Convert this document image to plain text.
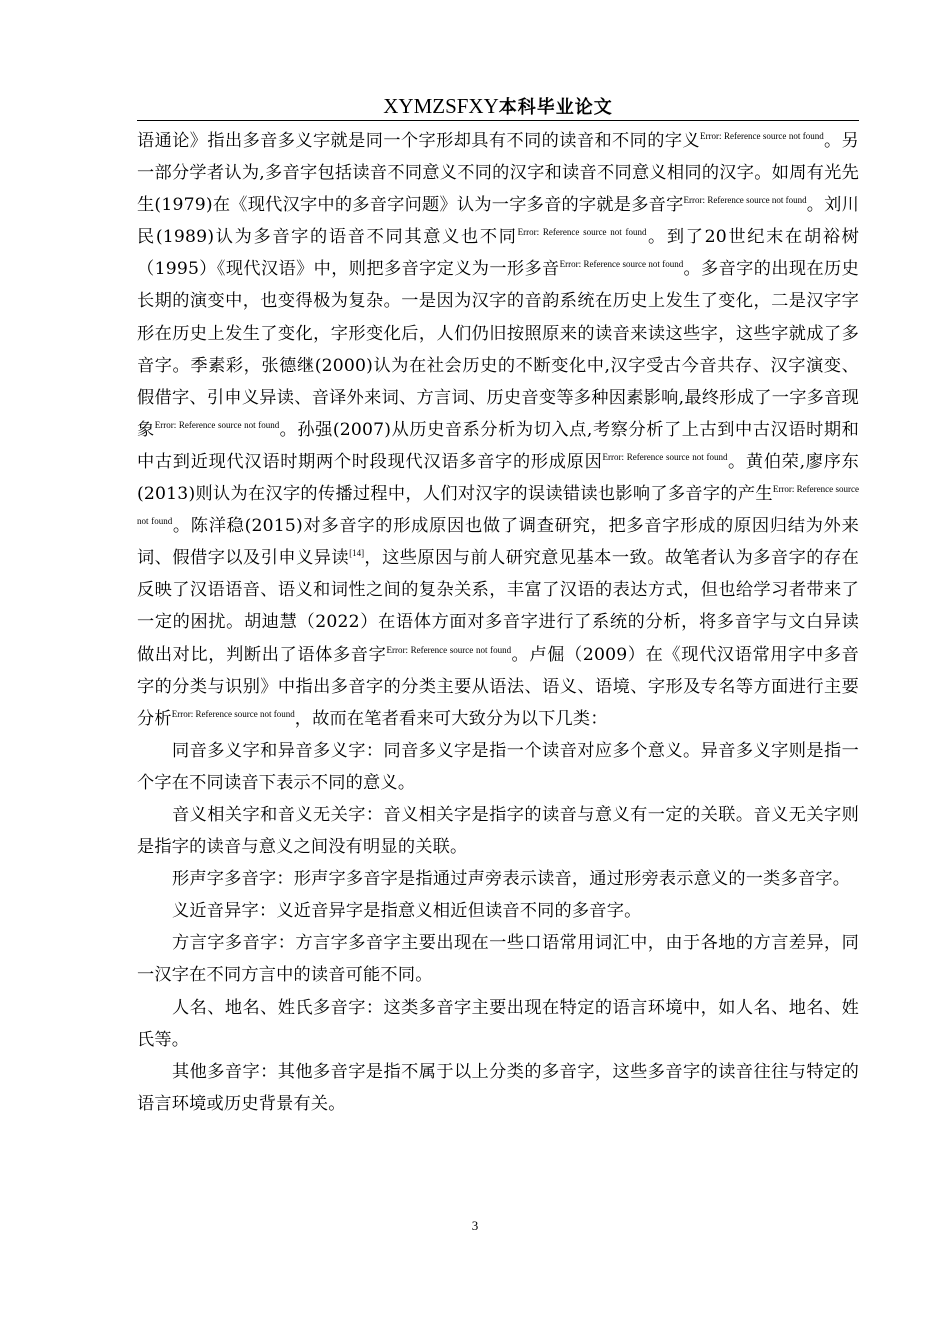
XYMZSFXY本科毕业论文

语通论》指出多音多义字就是同一个字形却具有不同的读音和不同的字义$^{Error: Reference source not found}$。另一部分学者认为,多音字包括读音不同意义不同的汉字和读音不同意义相同的汉字。如周有光先生(1979)在《现代汉字中的多音字问题》认为一字多音的字就是多音字$^{Error: Reference source not found}$。刘川民(1989)认为多音字的语音不同其意义也不同$^{Error: Reference source not found}$。到了20世纪末在胡裕树（1995）《现代汉语》中，则把多音字定义为一形多音$^{Error: Reference source not found}$。多音字的出现在历史长期的演变中，也变得极为复杂。一是因为汉字的音韵系统在历史上发生了变化，二是汉字字形在历史上发生了变化，字形变化后，人们仍旧按照原来的读音来读这些字，这些字就成了多音字。季素彩，张德继(2000)认为在社会历史的不断变化中,汉字受古今音共存、汉字演变、假借字、引申义异读、音译外来词、方言词、历史音变等多种因素影响,最终形成了一字多音现象$^{Error: Reference source not found}$。孙强(2007)从历史音系分析为切入点,考察分析了上古到中古汉语时期和中古到近现代汉语时期两个时段现代汉语多音字的形成原因$^{Error: Reference source not found}$。黄伯荣,廖序东(2013)则认为在汉字的传播过程中，人们对汉字的误读错读也影响了多音字的产生$^{Error: Reference source not found}$。陈洋稳(2015)对多音字的形成原因也做了调查研究，把多音字形成的原因归结为外来词、假借字以及引申义异读[14]，这些原因与前人研究意见基本一致。故笔者认为多音字的存在反映了汉语语音、语义和词性之间的复杂关系，丰富了汉语的表达方式，但也给学习者带来了一定的困扰。胡迪慧（2022）在语体方面对多音字进行了系统的分析，将多音字与文白异读做出对比，判断出了语体多音字$^{Error: Reference source not found}$。卢倔（2009）在《现代汉语常用字中多音字的分类与识别》中指出多音字的分类主要从语法、语义、语境、字形及专名等方面进行主要分析$^{Error: Reference source not found}$，故而在笔者看来可大致分为以下几类：

同音多义字和异音多义字：同音多义字是指一个读音对应多个意义。异音多义字则是指一个字在不同读音下表示不同的意义。

音义相关字和音义无关字：音义相关字是指字的读音与意义有一定的关联。音义无关字则是指字的读音与意义之间没有明显的关联。

形声字多音字：形声字多音字是指通过声旁表示读音，通过形旁表示意义的一类多音字。

义近音异字：义近音异字是指意义相近但读音不同的多音字。

方言字多音字：方言字多音字主要出现在一些口语常用词汇中，由于各地的方言差异，同一汉字在不同方言中的读音可能不同。

人名、地名、姓氏多音字：这类多音字主要出现在特定的语言环境中，如人名、地名、姓氏等。

其他多音字：其他多音字是指不属于以上分类的多音字，这些多音字的读音往往与特定的语言环境或历史背景有关。

3
